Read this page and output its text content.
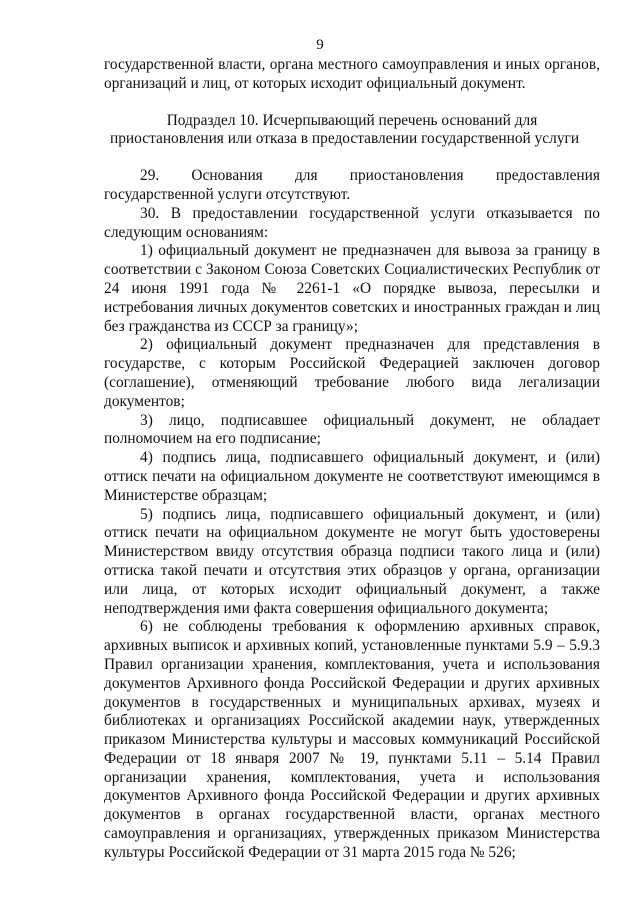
9

государственной власти, органа местного самоуправления и иных органов, организаций и лиц, от которых исходит официальный документ.

Подраздел 10. Исчерпывающий перечень оснований для приостановления или отказа в предоставлении государственной услуги

29. Основания для приостановления предоставления государственной услуги отсутствуют.

30. В предоставлении государственной услуги отказывается по следующим основаниям:

1) официальный документ не предназначен для вывоза за границу в соответствии с Законом Союза Советских Социалистических Республик от 24 июня 1991 года № 2261-1 «О порядке вывоза, пересылки и истребования личных документов советских и иностранных граждан и лиц без гражданства из СССР за границу»;

2) официальный документ предназначен для представления в государстве, с которым Российской Федерацией заключен договор (соглашение), отменяющий требование любого вида легализации документов;

3) лицо, подписавшее официальный документ, не обладает полномочием на его подписание;

4) подпись лица, подписавшего официальный документ, и (или) оттиск печати на официальном документе не соответствуют имеющимся в Министерстве образцам;

5) подпись лица, подписавшего официальный документ, и (или) оттиск печати на официальном документе не могут быть удостоверены Министерством ввиду отсутствия образца подписи такого лица и (или) оттиска такой печати и отсутствия этих образцов у органа, организации или лица, от которых исходит официальный документ, а также неподтверждения ими факта совершения официального документа;

6) не соблюдены требования к оформлению архивных справок, архивных выписок и архивных копий, установленные пунктами 5.9 – 5.9.3 Правил организации хранения, комплектования, учета и использования документов Архивного фонда Российской Федерации и других архивных документов в государственных и муниципальных архивах, музеях и библиотеках и организациях Российской академии наук, утвержденных приказом Министерства культуры и массовых коммуникаций Российской Федерации от 18 января 2007 № 19, пунктами 5.11 – 5.14 Правил организации хранения, комплектования, учета и использования документов Архивного фонда Российской Федерации и других архивных документов в органах государственной власти, органах местного самоуправления и организациях, утвержденных приказом Министерства культуры Российской Федерации от 31 марта 2015 года № 526;
